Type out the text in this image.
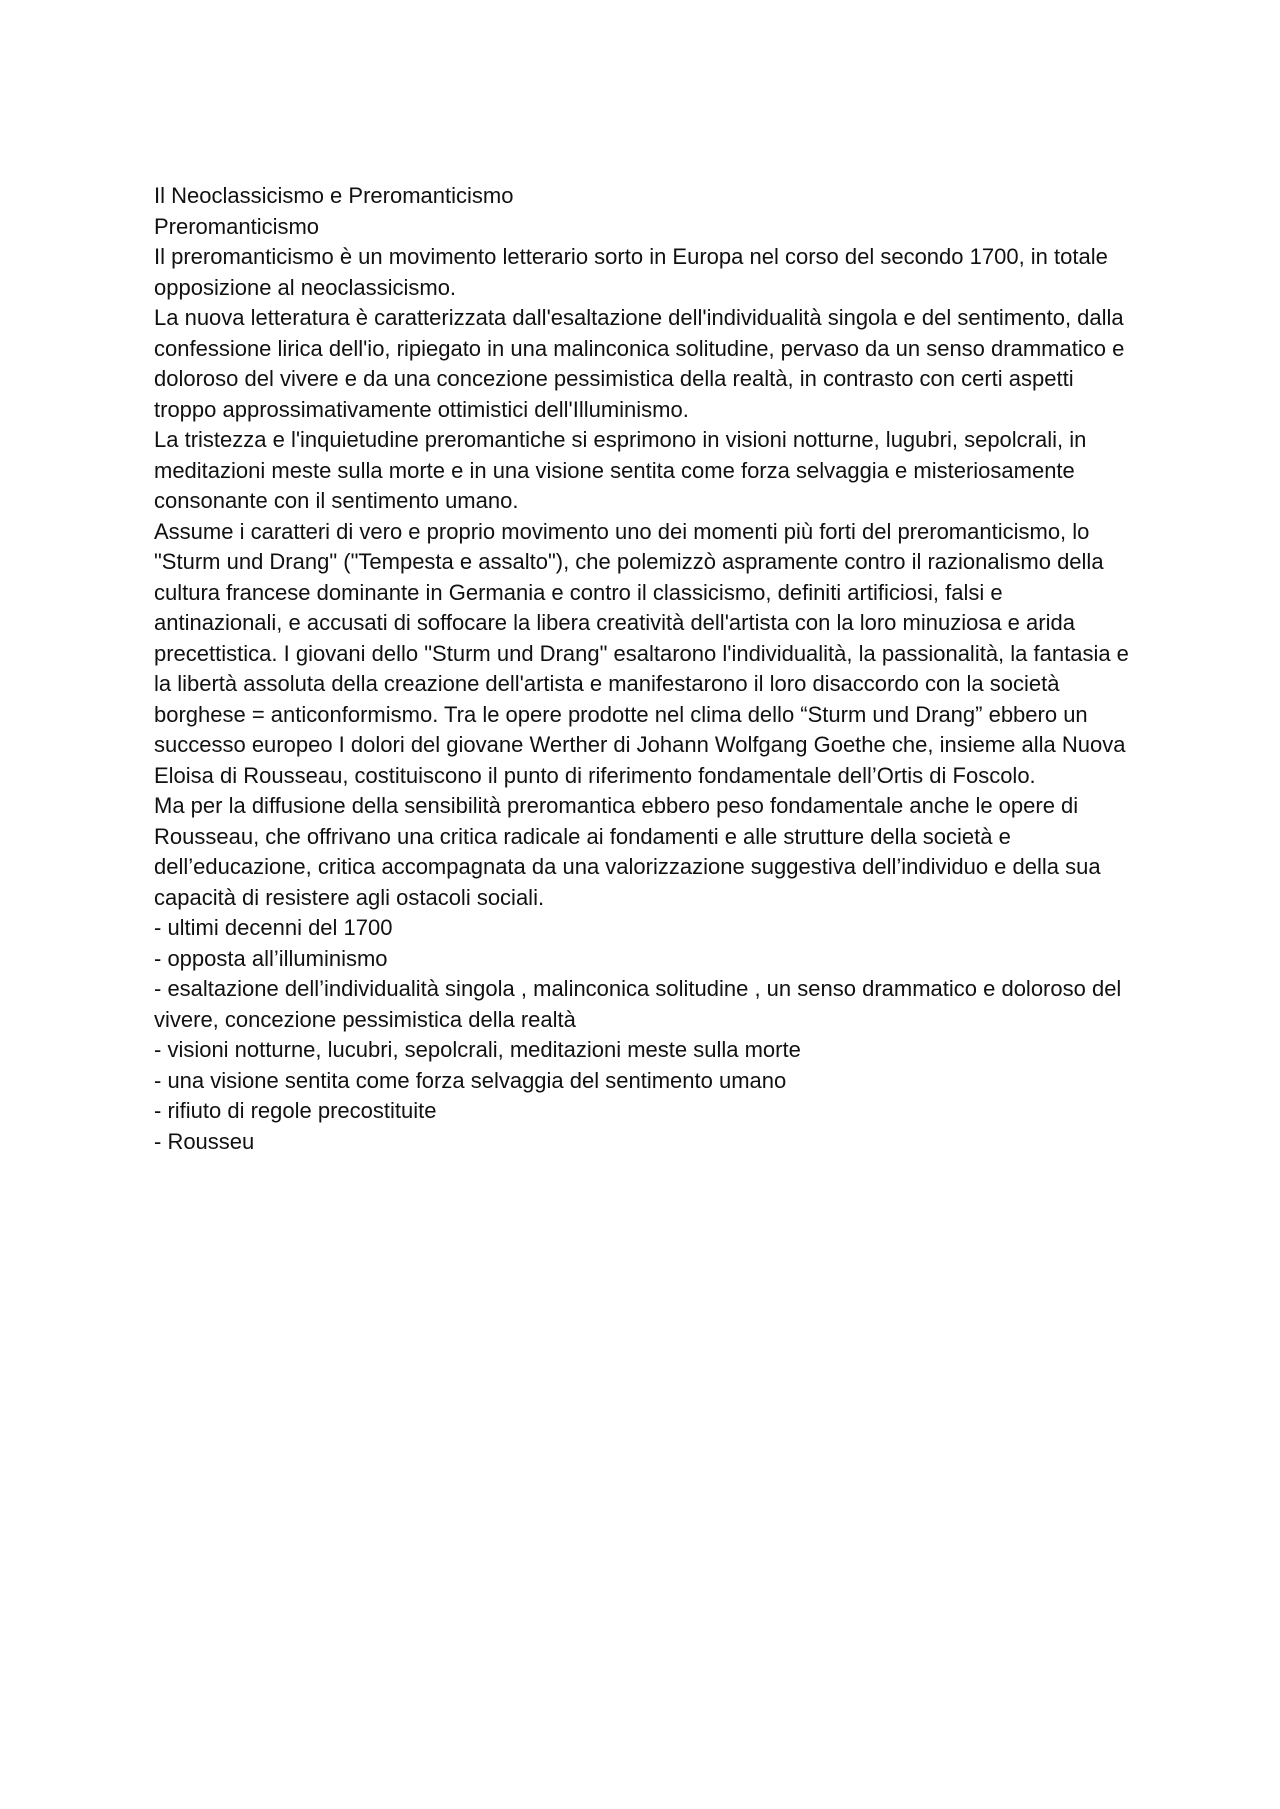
Il Neoclassicismo e Preromanticismo

Preromanticismo

Il preromanticismo è un movimento letterario sorto in Europa nel corso del secondo 1700, in totale opposizione al neoclassicismo.

La nuova letteratura è caratterizzata dall'esaltazione dell'individualità singola e del sentimento, dalla confessione lirica dell'io, ripiegato in una malinconica solitudine, pervaso da un senso drammatico e doloroso del vivere e da una concezione pessimistica della realtà, in contrasto con certi aspetti troppo approssimativamente ottimistici dell'Illuminismo.

La tristezza e l'inquietudine preromantiche si esprimono in visioni notturne, lugubri, sepolcrali, in meditazioni meste sulla morte e in una visione sentita come forza selvaggia e misteriosamente consonante con il sentimento umano.

Assume i caratteri di vero e proprio movimento uno dei momenti più forti del preromanticismo, lo "Sturm und Drang" ("Tempesta e assalto"), che polemizzò aspramente contro il razionalismo della cultura francese dominante in Germania e contro il classicismo, definiti artificiosi, falsi e antinazionali, e accusati di soffocare la libera creatività dell'artista con la loro minuziosa e arida precettistica. I giovani dello "Sturm und Drang" esaltarono l'individualità, la passionalità, la fantasia e la libertà assoluta della creazione dell'artista e manifestarono il loro disaccordo con la società borghese = anticonformismo. Tra le opere prodotte nel clima dello “Sturm und Drang” ebbero un successo europeo I dolori del giovane Werther di Johann Wolfgang Goethe che, insieme alla Nuova Eloisa di Rousseau, costituiscono il punto di riferimento fondamentale dell’Ortis di Foscolo.

Ma per la diffusione della sensibilità preromantica ebbero peso fondamentale anche le opere di Rousseau, che offrivano una critica radicale ai fondamenti e alle strutture della società e dell’educazione, critica accompagnata da una valorizzazione suggestiva dell’individuo e della sua capacità di resistere agli ostacoli sociali.

- ultimi decenni del 1700
- opposta all’illuminismo
- esaltazione dell’individualità singola , malinconica solitudine , un senso drammatico e doloroso del vivere, concezione pessimistica della realtà
- visioni notturne, lucubri, sepolcrali, meditazioni meste sulla morte
- una visione sentita come forza selvaggia del sentimento umano
- rifiuto di regole precostituite
- Rousseu
